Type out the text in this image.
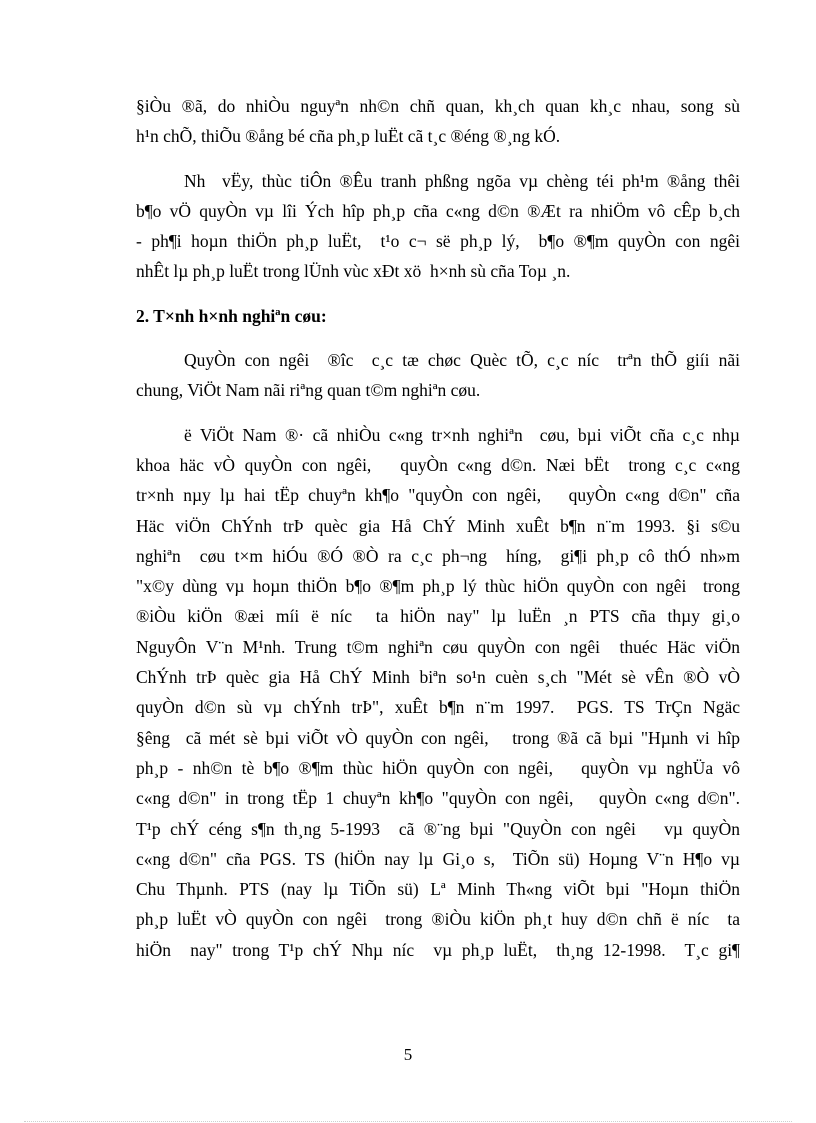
§iÒu ®ã, do nhiÒu nguyªn nh©n chñ quan, kh¸ch quan kh¸c nhau, song sù
h¹n chÕ, thiÕu ®ång bé cña ph¸p luËt cã t¸c ®éng ®¸ng kÓ.
Nh  vËy, thùc tiÔn ®Êu tranh phßng ngõa vµ chèng téi ph¹m ®ång thêi
b¶o vÖ quyÒn vµ lîi Ých hîp ph¸p cña c«ng d©n ®Æt ra nhiÖm vô cÊp b¸ch
- ph¶i hoµn thiÖn ph¸p luËt,  t¹o c¬ së ph¸p lý,  b¶o ®¶m quyÒn con ngêi
nhÊt lµ ph¸p luËt trong lÜnh vùc xÐt xö  h×nh sù cña Toµ ¸n.
2. T×nh h×nh nghiªn cøu:
QuyÒn con ngêi  ®îc  c¸c tæ chøc Quèc tÕ, c¸c níc  trªn thÕ giíi nãi
chung, ViÖt Nam nãi riªng quan t©m nghiªn cøu.
ë ViÖt Nam ®· cã nhiÒu c«ng tr×nh nghiªn  cøu, bµi viÕt cña c¸c nhµ
khoa häc vÒ quyÒn con ngêi,   quyÒn c«ng d©n. Næi bËt  trong c¸c c«ng
tr×nh nµy lµ hai tËp chuyªn kh¶o "quyÒn con ngêi,   quyÒn c«ng d©n" cña
Häc viÖn ChÝnh trÞ quèc gia Hå ChÝ Minh xuÊt b¶n n¨m 1993. §i s©u
nghiªn  cøu t×m hiÓu ®Ó ®Ò ra c¸c ph¬ng  híng,  gi¶i ph¸p cô thÓ nh»m
"x©y dùng vµ hoµn thiÖn b¶o ®¶m ph¸p lý thùc hiÖn quyÒn con ngêi  trong
®iÒu kiÖn ®æi míi ë níc  ta hiÖn nay" lµ luËn ¸n PTS cña thµy gi¸o
NguyÔn V¨n M¹nh. Trung t©m nghiªn cøu quyÒn con ngêi  thuéc Häc viÖn
ChÝnh trÞ quèc gia Hå ChÝ Minh biªn so¹n cuèn s¸ch "Mét sè vÊn ®Ò vÒ
quyÒn d©n sù vµ chÝnh trÞ", xuÊt b¶n n¨m 1997.  PGS. TS TrÇn Ngäc
§êng  cã mét sè bµi viÕt vÒ quyÒn con ngêi,   trong ®ã cã bµi "Hµnh vi hîp
ph¸p - nh©n tè b¶o ®¶m thùc hiÖn quyÒn con ngêi,   quyÒn vµ nghÜa vô
c«ng d©n" in trong tËp 1 chuyªn kh¶o "quyÒn con ngêi,   quyÒn c«ng d©n".
T¹p chÝ céng s¶n th¸ng 5-1993  cã ®¨ng bµi "QuyÒn con ngêi   vµ quyÒn
c«ng d©n" cña PGS. TS (hiÖn nay lµ Gi¸o s,  TiÕn sü) Hoµng V¨n H¶o vµ
Chu Thµnh. PTS (nay lµ TiÕn sü) Lª Minh Th«ng viÕt bµi "Hoµn thiÖn
ph¸p luËt vÒ quyÒn con ngêi  trong ®iÒu kiÖn ph¸t huy d©n chñ ë níc  ta
hiÖn  nay" trong T¹p chÝ Nhµ níc  vµ ph¸p luËt,  th¸ng 12-1998.  T¸c gi¶
5
